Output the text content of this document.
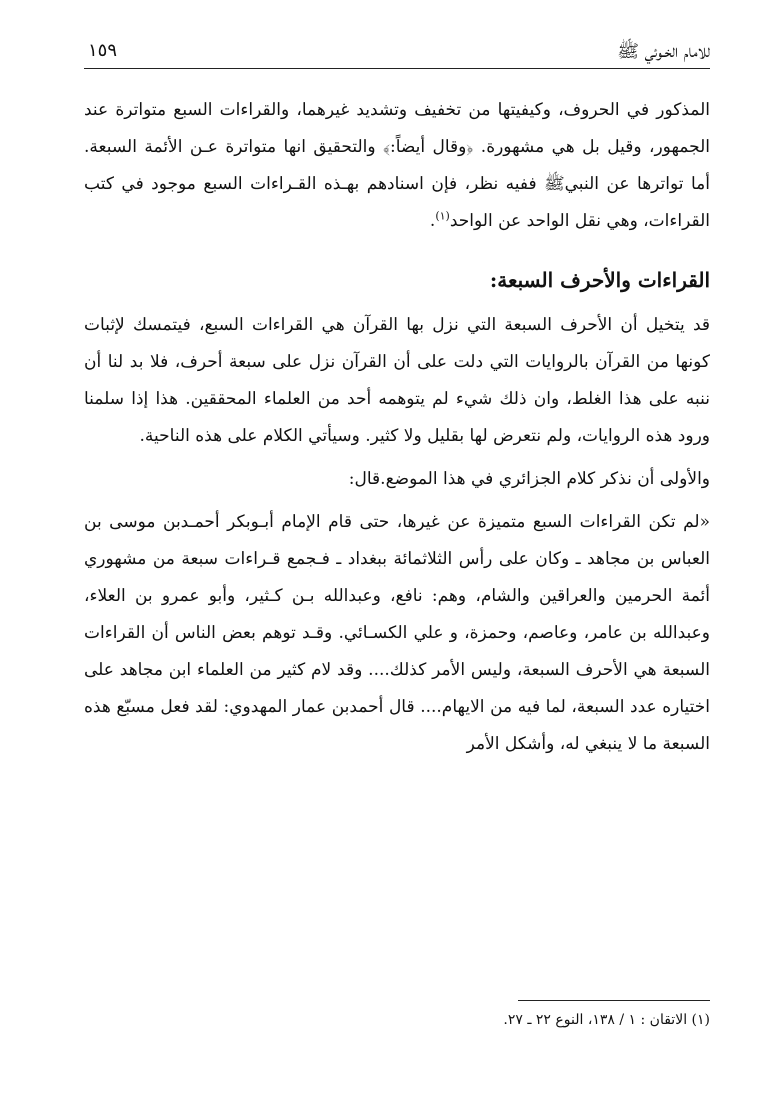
للامام الخـوئي ﷺ
١٥٩

المذكور في الحروف، وكيفيتها من تخفيف وتشديد غيرهما، والقراءات السبع متواترة عند الجمهور، وقيل بل هي مشهورة. ﴿وقال أيضاً:﴾ والتحقيق انها متواترة عـن الأئمة السبعة. أما تواترها عن النبيﷺ ففيه نظر، فإن اسنادهم بهـذه القـراءات السبع موجود في كتب القراءات، وهي نقل الواحد عن الواحد$^{(١)}$.

القراءات والأحرف السبعة:

قد يتخيل أن الأحرف السبعة التي نزل بها القرآن هي القراءات السبع، فيتمسك لإثبات كونها من القرآن بالروايات التي دلت على أن القرآن نزل على سبعة أحرف، فلا بد لنا أن ننبه على هذا الغلط، وان ذلك شيء لم يتوهمه أحد من العلماء المحققين. هذا إذا سلمنا ورود هذه الروايات، ولم نتعرض لها بقليل ولا كثير. وسيأتي الكلام على هذه الناحية.

والأولى أن نذكر كلام الجزائري في هذا الموضع.قال:

«لم تكن القراءات السبع متميزة عن غيرها، حتى قام الإمام أبـوبكر أحمـدبن موسى بن العباس بن مجاهد ـ وكان على رأس الثلاثمائة ببغداد ـ فـجمع قـراءات سبعة من مشهوري أئمة الحرمين والعراقين والشام، وهم: نافع، وعبدالله بـن كـثير، وأبو عمرو بن العلاء، وعبدالله بن عامر، وعاصم، وحمزة، و علي الكسـائي. وقـد توهم بعض الناس أن القراءات السبعة هي الأحرف السبعة، وليس الأمر كذلك.... وقد لام كثير من العلماء ابن مجاهد على اختياره عدد السبعة، لما فيه من الايهام.... قال أحمدبن عمار المهدوي: لقد فعل مسبّع هذه السبعة ما لا ينبغي له، وأشكل الأمر

(١) الاتقان : ١ / ١٣٨، النوع ٢٢ ـ ٢٧.
